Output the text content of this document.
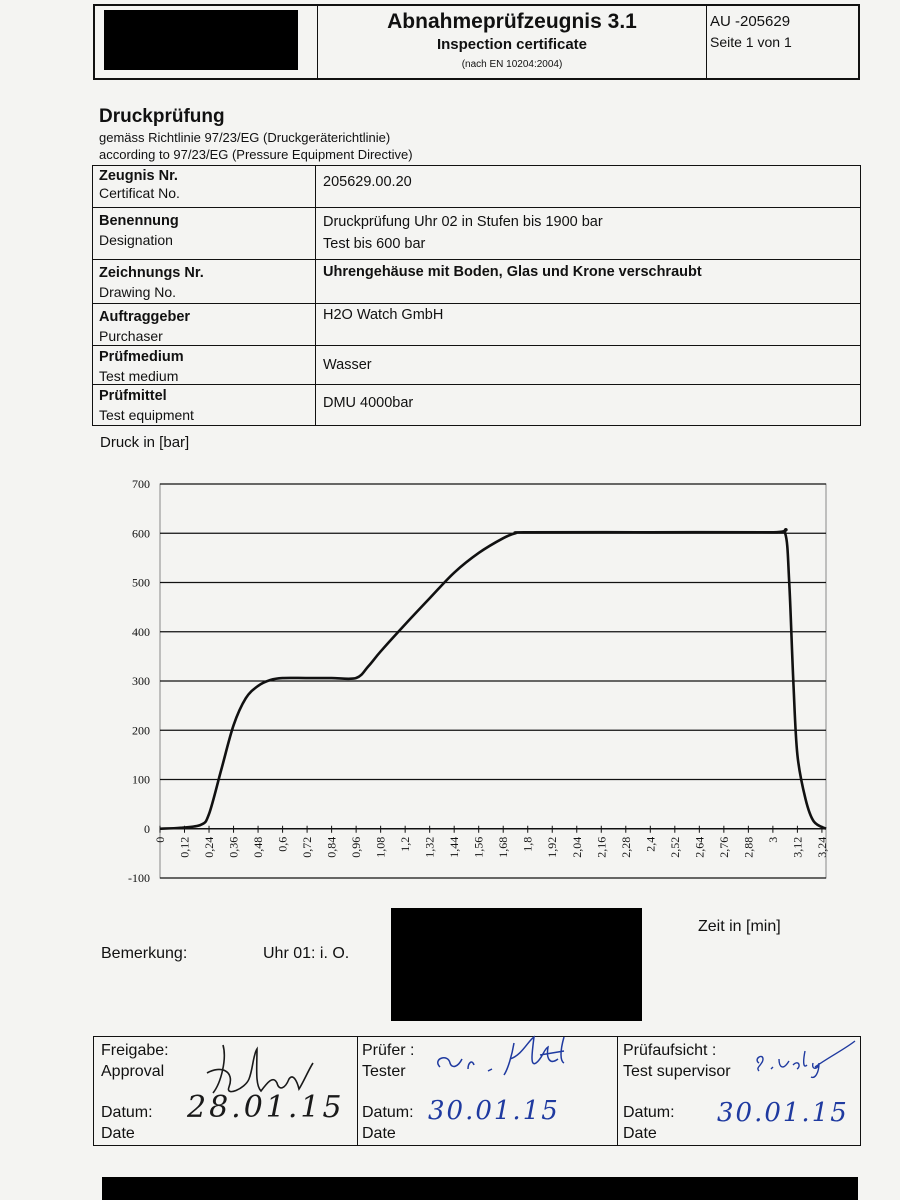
Abnahmeprüfzeugnis 3.1
Inspection certificate
(nach EN 10204:2004)
AU -205629
Seite 1 von 1
Druckprüfung
gemäss Richtlinie 97/23/EG (Druckgeräterichtlinie)
according to 97/23/EG (Pressure Equipment Directive)
Zeugnis Nr.
Certificat No.
205629.00.20
Benennung
Designation
Druckprüfung Uhr 02 in Stufen bis 1900 bar
Test bis 600 bar
Zeichnungs Nr.
Drawing No.
Uhrengehäuse mit Boden, Glas und Krone verschraubt
Auftraggeber
Purchaser
H2O Watch GmbH
Prüfmedium
Test medium
Wasser
Prüfmittel
Test equipment
DMU 4000bar
Druck in [bar]
700
600
500
400
300
200
100
0
-100
0 0,12 0,24 0,36 0,48 0,6 0,72 0,84 0,96 1,08 1,2 1,32 1,44 1,56 1,68 1,8 1,92 2,04 2,16 2,28 2,4 2,52 2,64 2,76 2,88 3 3,12 3,24
Zeit in [min]
Bemerkung:	Uhr 01: i. O.
Freigabe:
Approval
Datum:
Date
28.01.15
Prüfer :
Tester
Datum:
Date
30.01.15
Prüfaufsicht :
Test supervisor
Datum:
Date
30.01.15
